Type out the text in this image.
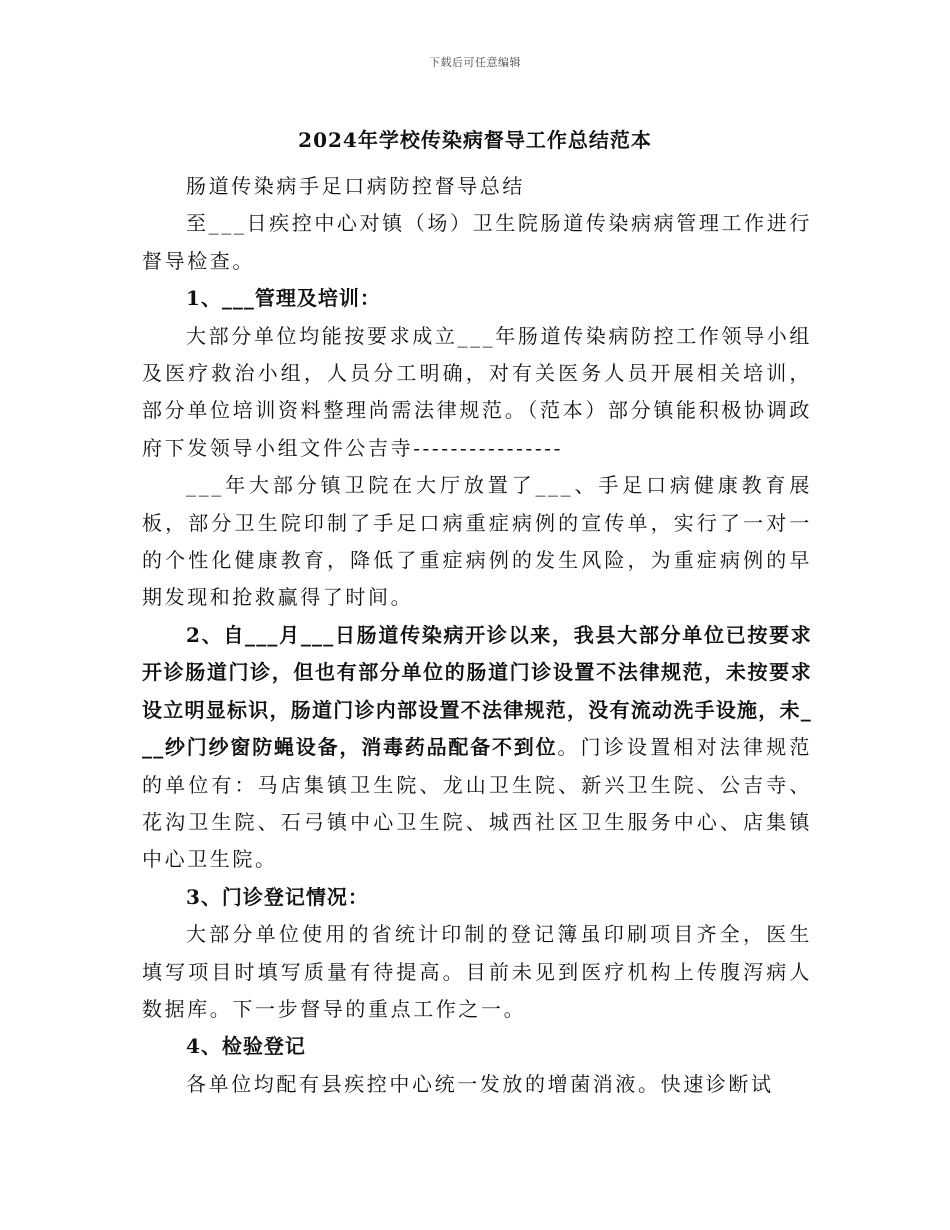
下载后可任意编辑
2024年学校传染病督导工作总结范本

肠道传染病手足口病防控督导总结

至___日疾控中心对镇（场）卫生院肠道传染病病管理工作进行督导检查。

1、___管理及培训：

大部分单位均能按要求成立___年肠道传染病防控工作领导小组及医疗救治小组，人员分工明确，对有关医务人员开展相关培训，部分单位培训资料整理尚需法律规范。（范本）部分镇能积极协调政府下发领导小组文件公吉寺----------------

___年大部分镇卫院在大厅放置了___、手足口病健康教育展板，部分卫生院印制了手足口病重症病例的宣传单，实行了一对一的个性化健康教育，降低了重症病例的发生风险，为重症病例的早期发现和抢救赢得了时间。

2、自___月___日肠道传染病开诊以来，我县大部分单位已按要求开诊肠道门诊，但也有部分单位的肠道门诊设置不法律规范，未按要求设立明显标识，肠道门诊内部设置不法律规范，没有流动洗手设施，未___纱门纱窗防蝇设备，消毒药品配备不到位。门诊设置相对法律规范的单位有：马店集镇卫生院、龙山卫生院、新兴卫生院、公吉寺、花沟卫生院、石弓镇中心卫生院、城西社区卫生服务中心、店集镇中心卫生院。

3、门诊登记情况：

大部分单位使用的省统计印制的登记簿虽印刷项目齐全，医生填写项目时填写质量有待提高。目前未见到医疗机构上传腹泻病人数据库。下一步督导的重点工作之一。

4、检验登记

各单位均配有县疾控中心统一发放的增菌消液。快速诊断试
